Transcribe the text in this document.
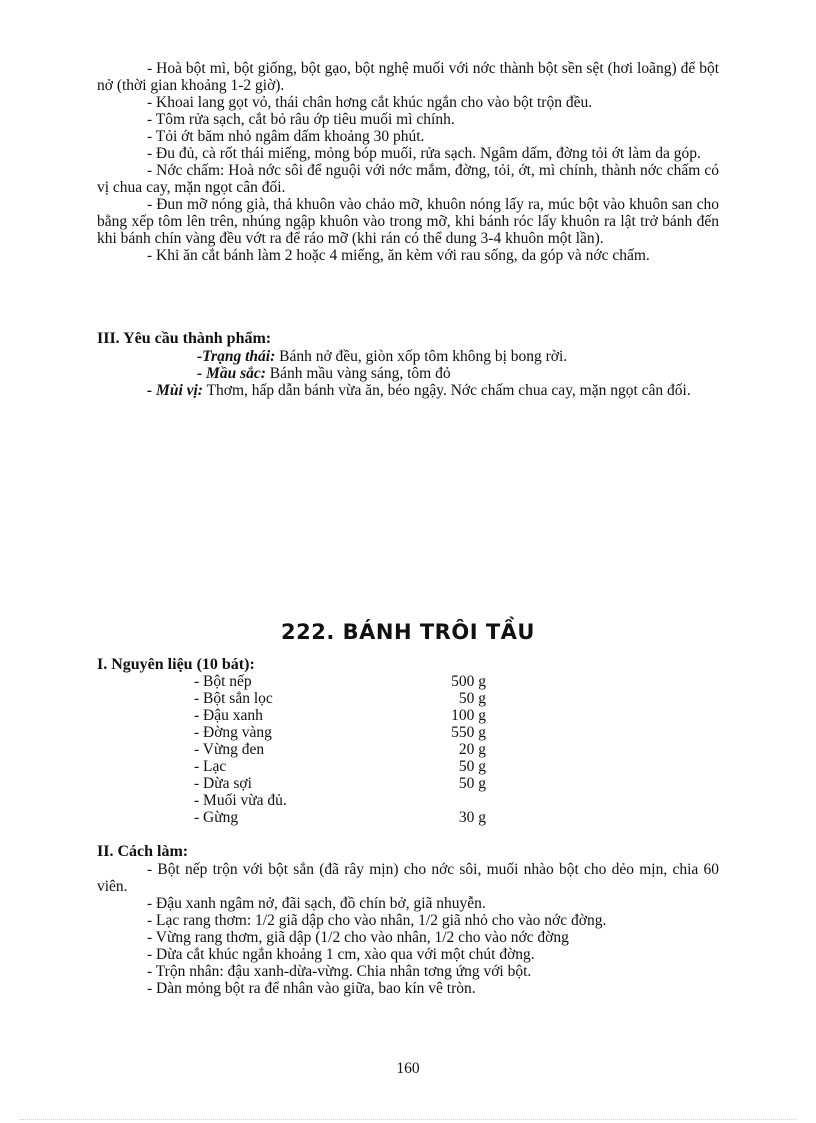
- Hoà bột mì, bột giống, bột gạo, bột nghệ muối với nớc thành bột sền sệt (hơi loãng) để bột nở (thời gian khoảng 1-2 giờ).

- Khoai lang gọt vỏ, thái chân hơng cắt khúc ngắn cho vào bột trộn đều.

- Tôm rửa sạch, cắt bỏ râu ớp tiêu muối mì chính.

- Tỏi ớt băm nhỏ ngâm dấm khoảng 30 phút.

- Đu đủ, cà rốt thái miếng, mỏng bóp muối, rửa sạch. Ngâm dấm, đờng tỏi ớt làm da góp.

- Nớc chấm: Hoà nớc sôi để nguội với nớc mắm, đờng, tỏi, ớt, mì chính, thành nớc chấm có vị chua cay, mặn ngọt cân đối.

- Đun mỡ nóng già, thả khuôn vào chảo mỡ, khuôn nóng lấy ra, múc bột vào khuôn san cho bằng xếp tôm lên trên, nhúng ngập khuôn vào trong mỡ, khi bánh róc lấy khuôn ra lật trở bánh đến khi bánh chín vàng đều vớt ra để ráo mỡ (khi rán có thể dung 3-4 khuôn một lần).

- Khi ăn cắt bánh làm 2 hoặc 4 miếng, ăn kèm với rau sống, da góp và nớc chấm.

III. Yêu cầu thành phẩm:

-Trạng thái: Bánh nở đều, giòn xốp tôm không bị bong rời.

- Mầu sắc: Bánh mầu vàng sáng, tôm đỏ

- Mùi vị: Thơm, hấp dẫn bánh vừa ăn, béo ngậy. Nớc chấm chua cay, mặn ngọt cân đối.

222. BÁNH TRÔI TẦU

I. Nguyên liệu (10 bát):

- Bột nếp	500 g
- Bột sắn lọc	50 g
- Đậu xanh	100 g
- Đờng vàng	550 g
- Vừng đen	20 g
- Lạc	50 g
- Dừa sợi	50 g
- Muối vừa đủ.
- Gừng	30 g

II. Cách làm:

- Bột nếp trộn với bột sắn (đã rây mịn) cho nớc sôi, muối nhào bột cho dẻo mịn, chia 60 viên.

- Đậu xanh ngâm nở, đãi sạch, đồ chín bở, giã nhuyễn.

- Lạc rang thơm: 1/2 giã dập cho vào nhân, 1/2 giã nhỏ cho vào nớc đờng.

- Vừng rang thơm, giã dập (1/2 cho vào nhân, 1/2 cho vào nớc đờng

- Dừa cắt khúc ngắn khoảng 1 cm, xào qua với một chút đờng.

- Trộn nhân: đậu xanh-dừa-vừng. Chia nhân tơng ứng với bột.

- Dàn mỏng bột ra để nhân vào giữa, bao kín vê tròn.

160
